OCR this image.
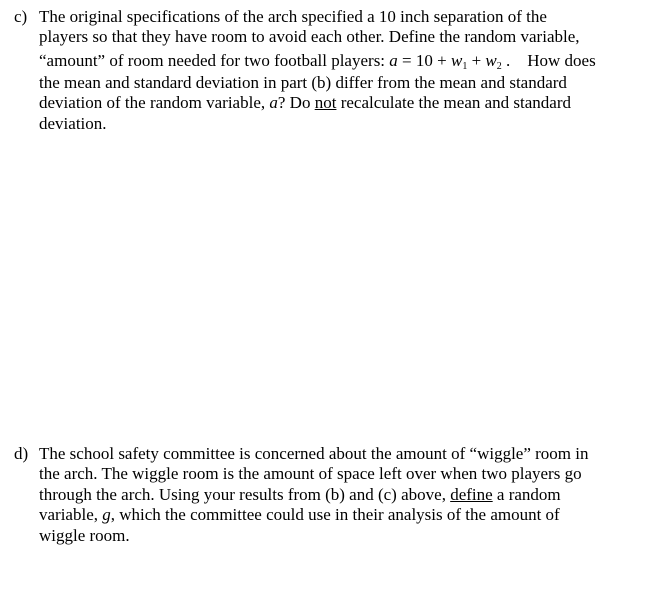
c) The original specifications of the arch specified a 10 inch separation of the
players so that they have room to avoid each other. Define the random variable,
“amount” of room needed for two football players: $a = 10 + w_1 + w_2$ . How does
the mean and standard deviation in part (b) differ from the mean and standard
deviation of the random variable, a? Do not recalculate the mean and standard
deviation.
d) The school safety committee is concerned about the amount of “wiggle” room in
the arch. The wiggle room is the amount of space left over when two players go
through the arch. Using your results from (b) and (c) above, define a random
variable, g, which the committee could use in their analysis of the amount of
wiggle room.
